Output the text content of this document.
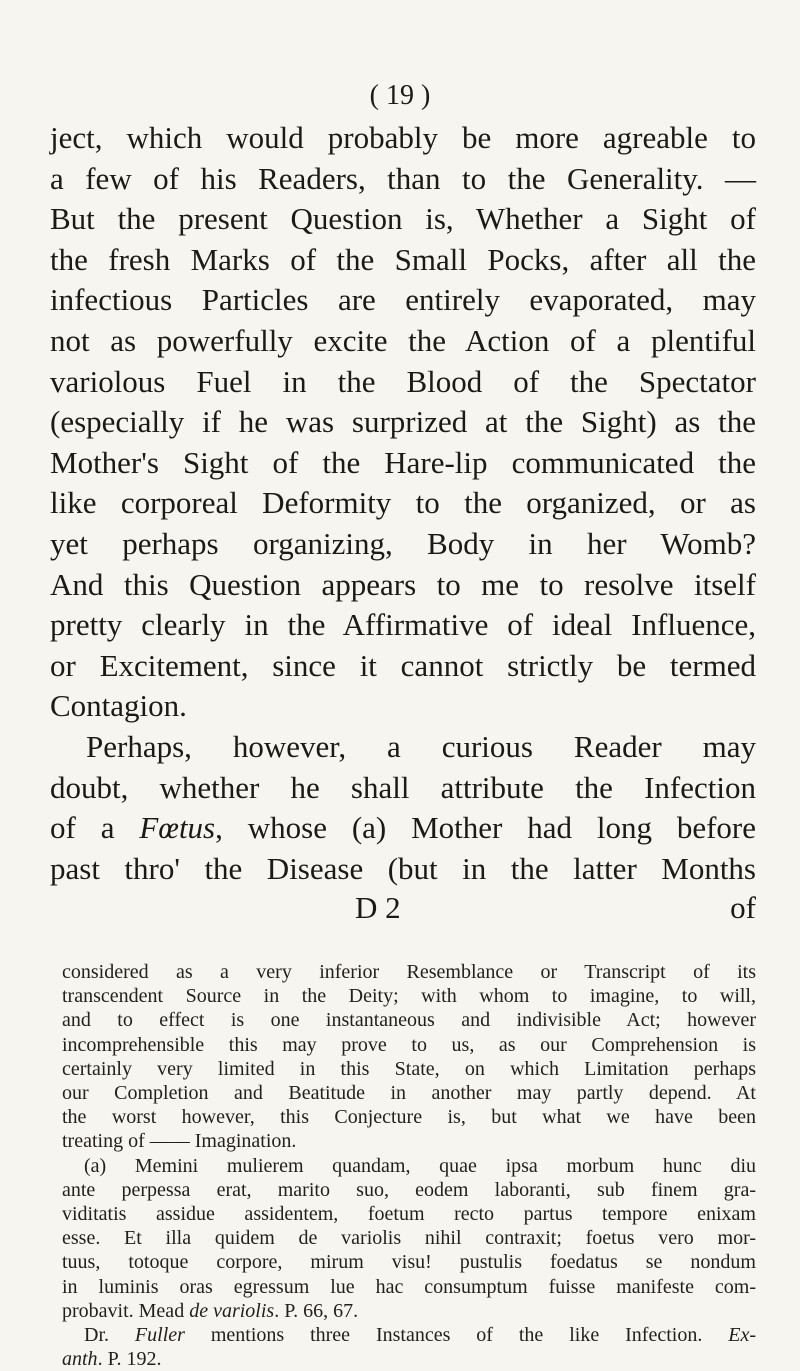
( 19 )
ject, which would probably be more agreable to
a few of his Readers, than to the Generality. —
But the present Question is, Whether a Sight of
the fresh Marks of the Small Pocks, after all the
infectious Particles are entirely evaporated, may
not as powerfully excite the Action of a plentiful
variolous Fuel in the Blood of the Spectator
(especially if he was surprized at the Sight) as the
Mother's Sight of the Hare-lip communicated the
like corporeal Deformity to the organized, or as
yet perhaps organizing, Body in her Womb?
And this Question appears to me to resolve itself
pretty clearly in the Affirmative of ideal Influence,
or Excitement, since it cannot strictly be termed
Contagion.
Perhaps, however, a curious Reader may
doubt, whether he shall attribute the Infection
of a Fœtus, whose (a) Mother had long before
past thro' the Disease (but in the latter Months
D 2	of
considered as a very inferior Resemblance or Transcript of its
transcendent Source in the Deity; with whom to imagine, to will,
and to effect is one instantaneous and indivisible Act; however
incomprehensible this may prove to us, as our Comprehension is
certainly very limited in this State, on which Limitation perhaps
our Completion and Beatitude in another may partly depend. At
the worst however, this Conjecture is, but what we have been
treating of —— Imagination.
(a) Memini mulierem quandam, quae ipsa morbum hunc diu
ante perpessa erat, marito suo, eodem laboranti, sub finem gra-
viditatis assidue assidentem, foetum recto partus tempore enixam
esse. Et illa quidem de variolis nihil contraxit; foetus vero mor-
tuus, totoque corpore, mirum visu! pustulis foedatus se nondum
in luminis oras egressum lue hac consumptum fuisse manifeste com-
probavit. Mead de variolis. P. 66, 67.
Dr. Fuller mentions three Instances of the like Infection. Ex-
anth. P. 192.
